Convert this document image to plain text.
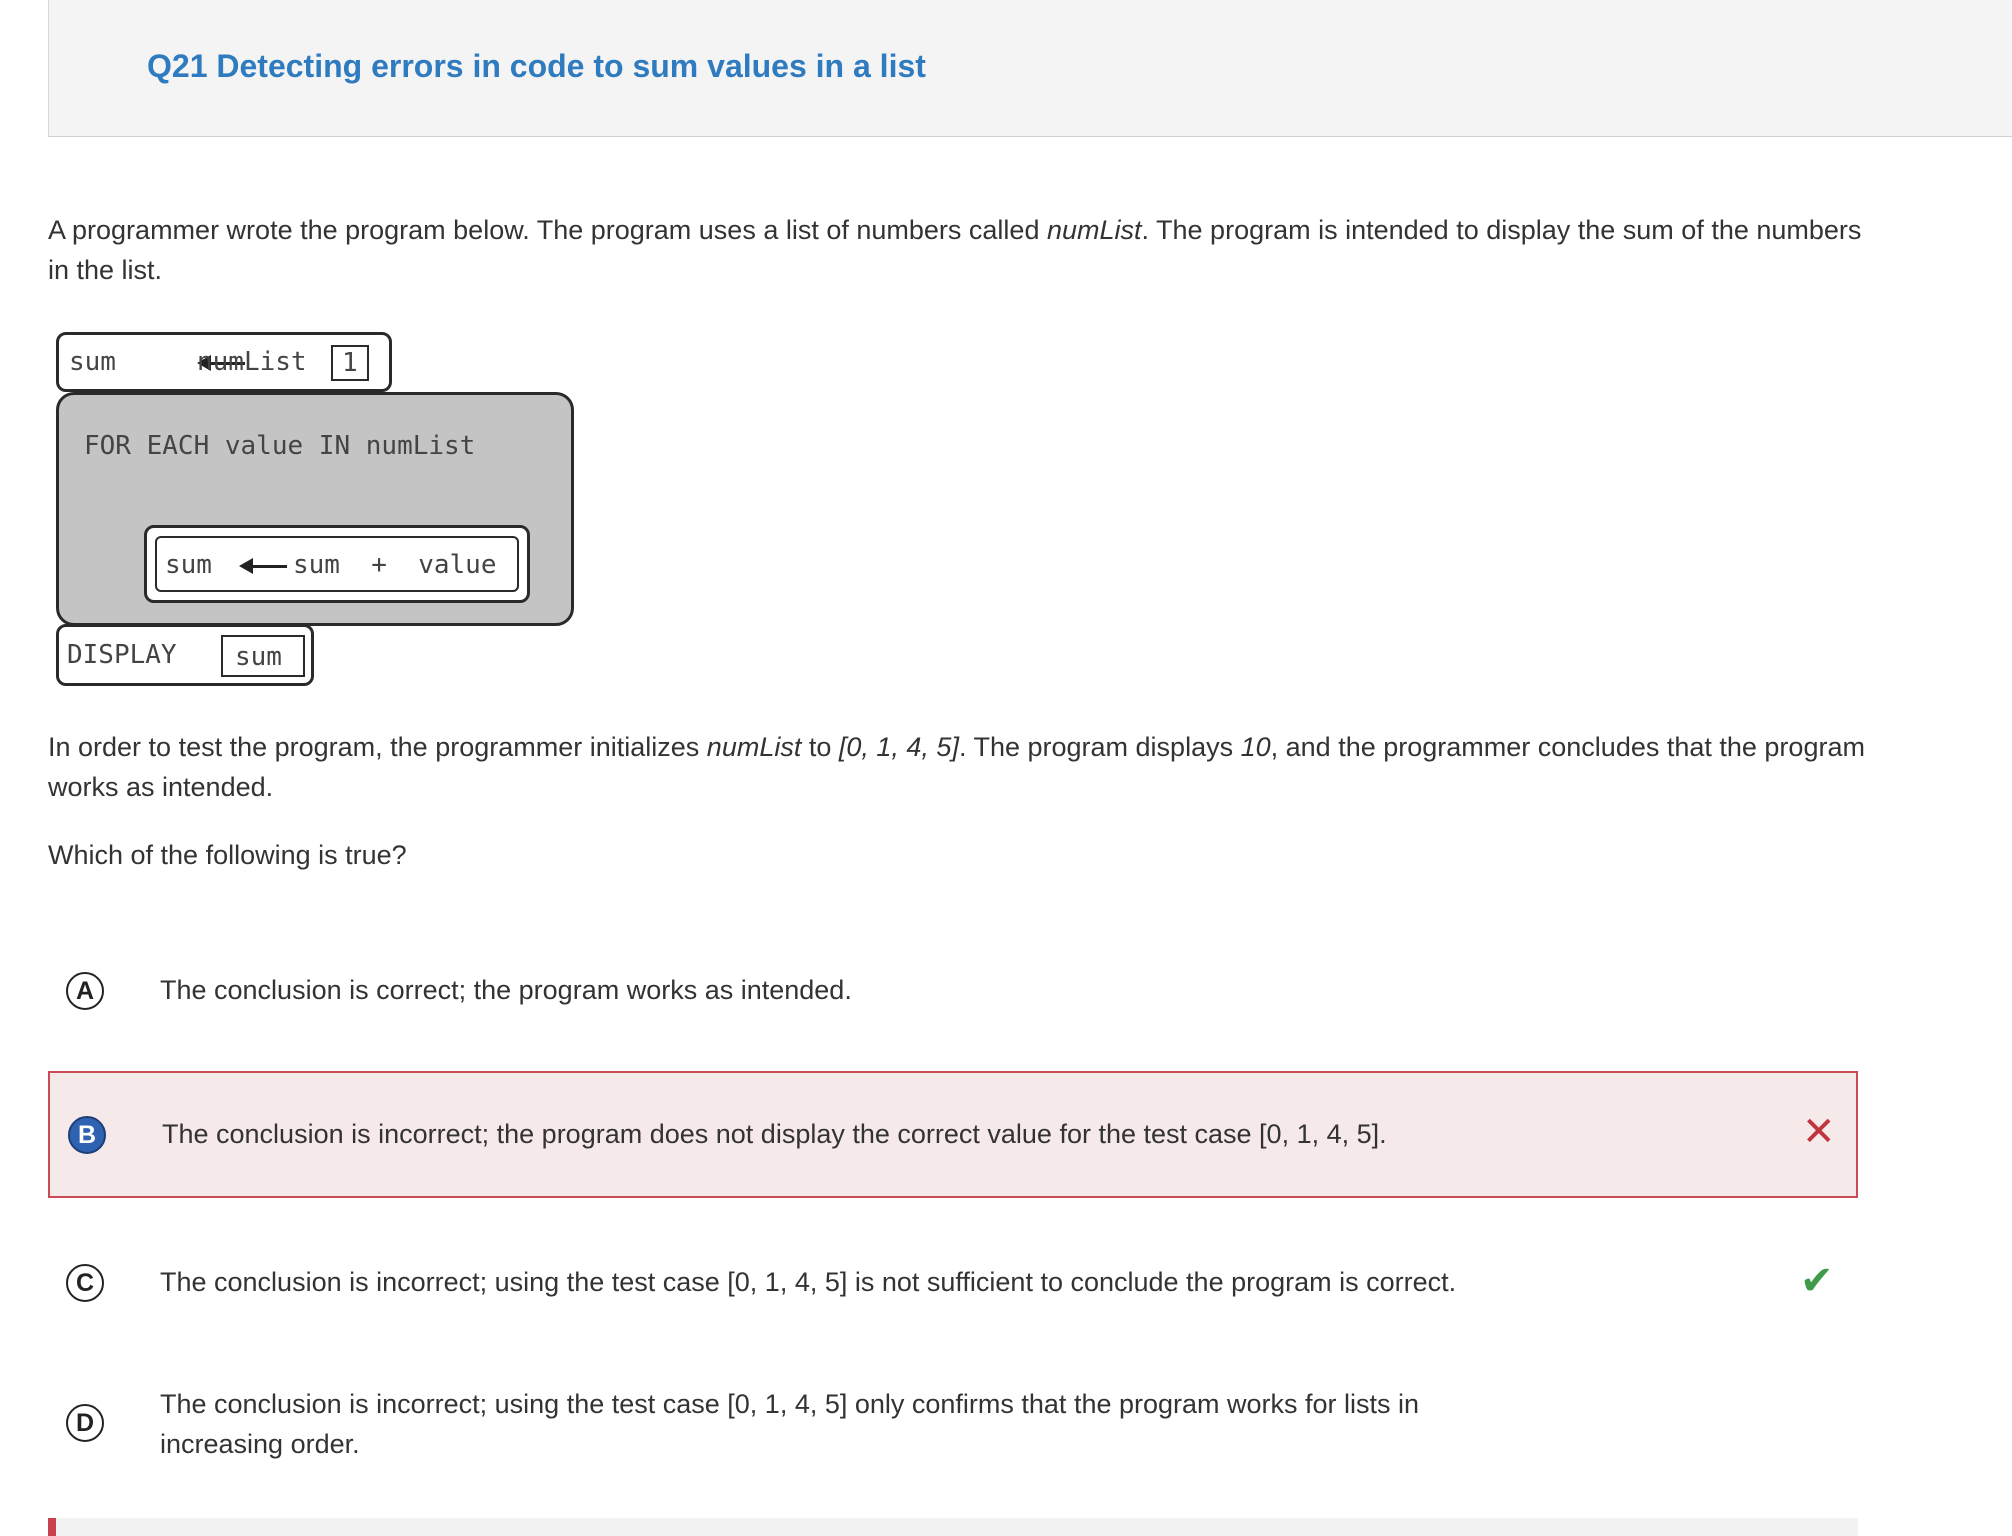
Q21 Detecting errors in code to sum values in a list
A programmer wrote the program below. The program uses a list of numbers called numList. The program is intended to display the sum of the numbers in the list.
sum	numList 1
FOR EACH value IN numList
sum	sum  +  value
DISPLAY sum
In order to test the program, the programmer initializes numList to [0, 1, 4, 5]. The program displays 10, and the programmer concludes that the program works as intended.
Which of the following is true?
A	The conclusion is correct; the program works as intended.
B	The conclusion is incorrect; the program does not display the correct value for the test case [0, 1, 4, 5].	✕
C	The conclusion is incorrect; using the test case [0, 1, 4, 5] is not sufficient to conclude the program is correct.	✔
D
The conclusion is incorrect; using the test case [0, 1, 4, 5] only confirms that the program works for lists in increasing order.
